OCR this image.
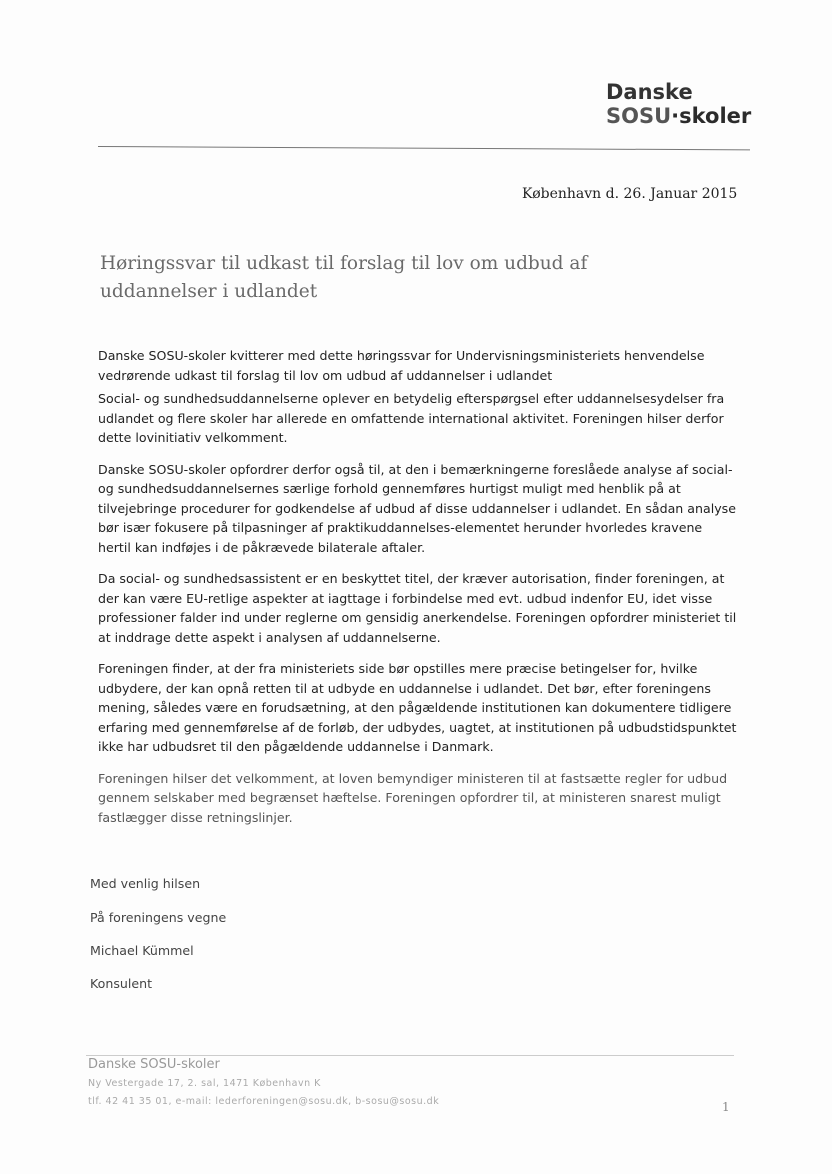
Danske
SOSU·skoler
København d. 26. Januar 2015
Høringssvar til udkast til forslag til lov om udbud af uddannelser i udlandet

Danske SOSU-skoler kvitterer med dette høringssvar for Undervisningsministeriets henvendelse vedrørende udkast til forslag til lov om udbud af uddannelser i udlandet

Social- og sundhedsuddannelserne oplever en betydelig efterspørgsel efter uddannelsesydelser fra udlandet og flere skoler har allerede en omfattende international aktivitet. Foreningen hilser derfor dette lovinitiativ velkomment.

Danske SOSU-skoler opfordrer derfor også til, at den i bemærkningerne foreslåede analyse af social- og sundhedsuddannelsernes særlige forhold gennemføres hurtigst muligt med henblik på at tilvejebringe procedurer for godkendelse af udbud af disse uddannelser i udlandet. En sådan analyse bør især fokusere på tilpasninger af praktikuddannelses-elementet herunder hvorledes kravene hertil kan indføjes i de påkrævede bilaterale aftaler.

Da social- og sundhedsassistent er en beskyttet titel, der kræver autorisation, finder foreningen, at der kan være EU-retlige aspekter at iagttage i forbindelse med evt. udbud indenfor EU, idet visse professioner falder ind under reglerne om gensidig anerkendelse. Foreningen opfordrer ministeriet til at inddrage dette aspekt i analysen af uddannelserne.

Foreningen finder, at der fra ministeriets side bør opstilles mere præcise betingelser for, hvilke udbydere, der kan opnå retten til at udbyde en uddannelse i udlandet. Det bør, efter foreningens mening, således være en forudsætning, at den pågældende institutionen kan dokumentere tidligere erfaring med gennemførelse af de forløb, der udbydes, uagtet, at institutionen på udbudstidspunktet ikke har udbudsret til den pågældende uddannelse i Danmark.

Foreningen hilser det velkomment, at loven bemyndiger ministeren til at fastsætte regler for udbud gennem selskaber med begrænset hæftelse. Foreningen opfordrer til, at ministeren snarest muligt fastlægger disse retningslinjer.

Med venlig hilsen
På foreningens vegne
Michael Kümmel
Konsulent
Danske SOSU-skoler
Ny Vestergade 17, 2. sal, 1471 København K
tlf. 42 41 35 01, e-mail: lederforeningen@sosu.dk, b-sosu@sosu.dk	1
